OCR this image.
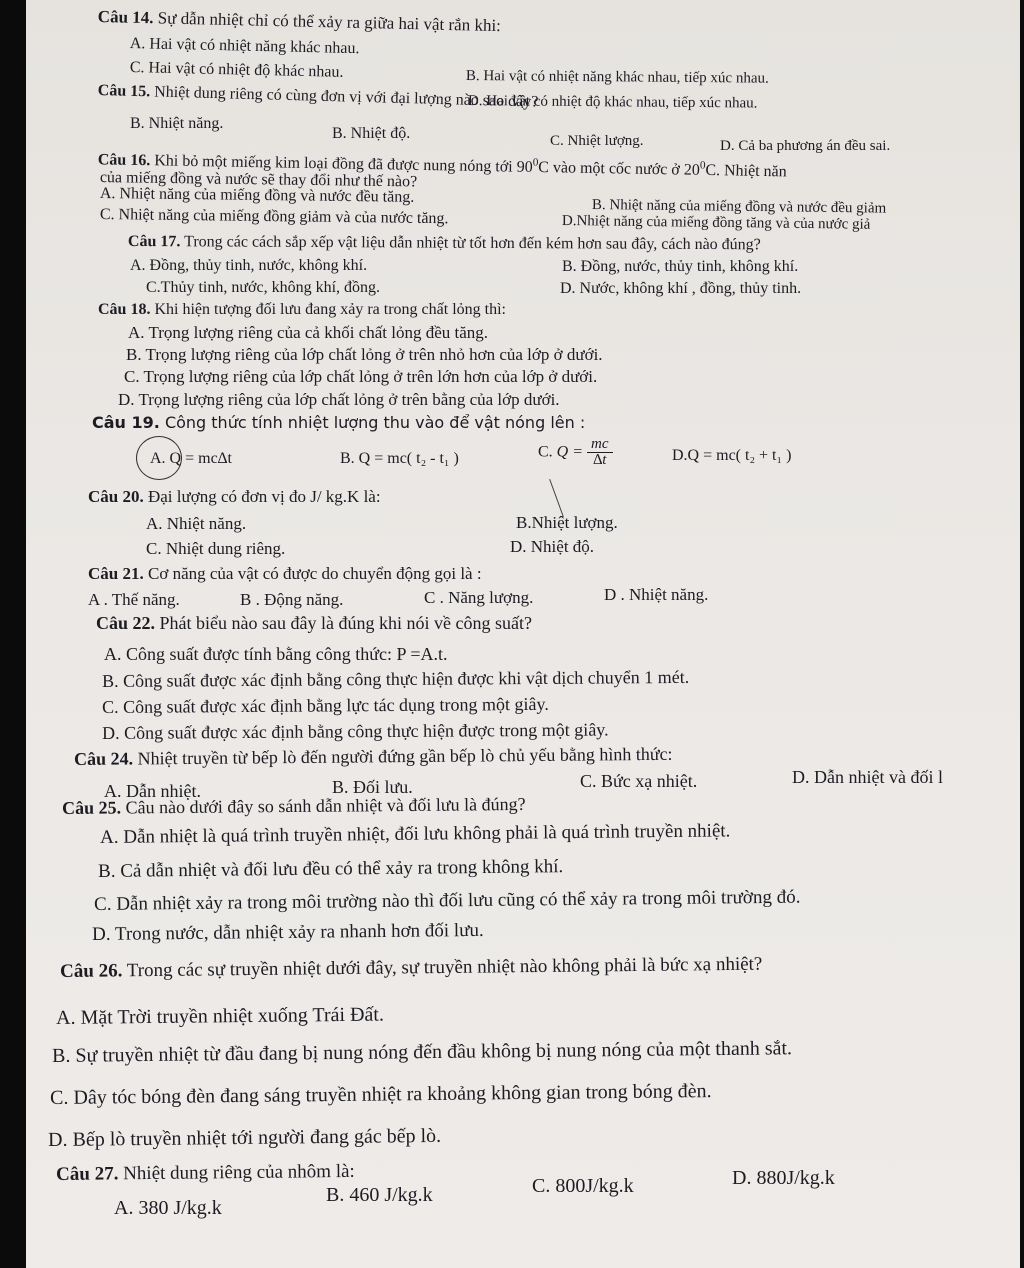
Câu 14. Sự dẫn nhiệt chỉ có thể xảy ra giữa hai vật rắn khi:
A. Hai vật có nhiệt năng khác nhau.
B. Hai vật có nhiệt năng khác nhau, tiếp xúc nhau.
C. Hai vật có nhiệt độ khác nhau.
D. Hai vật có nhiệt độ khác nhau, tiếp xúc nhau.
Câu 15. Nhiệt dung riêng có cùng đơn vị với đại lượng nào sao đây?
B. Nhiệt năng.
B. Nhiệt độ.	C. Nhiệt lượng.	D. Cả ba phương án đều sai.
Câu 16. Khi bỏ một miếng kim loại đồng đã được nung nóng tới $90^0C$ vào một cốc nước ở $20^0C$. Nhiệt năn
của miếng đồng và nước sẽ thay đổi như thế nào?
A. Nhiệt năng của miếng đồng và nước đều tăng.
B. Nhiệt năng của miếng đồng và nước đều giảm
C. Nhiệt năng của miếng đồng giảm và của nước tăng.	D.Nhiệt năng của miếng đồng tăng và của nước giả
Câu 17. Trong các cách sắp xếp vật liệu dẫn nhiệt từ tốt hơn đến kém hơn sau đây, cách nào đúng?
A. Đồng, thủy tinh, nước, không khí.	B. Đồng, nước, thủy tinh, không khí.
C.Thủy tinh, nước, không khí, đồng.	D. Nước, không khí , đồng, thủy tinh.
Câu 18. Khi hiện tượng đối lưu đang xảy ra trong chất lỏng thì:
A. Trọng lượng riêng của cả khối chất lỏng đều tăng.
B. Trọng lượng riêng của lớp chất lỏng ở trên nhỏ hơn của lớp ở dưới.
C. Trọng lượng riêng của lớp chất lỏng ở trên lớn hơn của lớp ở dưới.
D. Trọng lượng riêng của lớp chất lỏng ở trên bằng của lớp dưới.
Câu 19. Công thức tính nhiệt lượng thu vào để vật nóng lên :
A. Q = mc∆t	B. Q = mc( t₂ - t₁ )	C. $Q = \frac{mc}{\Delta t}$	D.Q = mc( t₂ + t₁ )
Câu 20. Đại lượng có đơn vị đo J/ kg.K là:
A. Nhiệt năng.	B.Nhiệt lượng.
C. Nhiệt dung riêng.	D. Nhiệt độ.
Câu 21. Cơ năng của vật có được do chuyển động gọi là :
A . Thế năng.	B . Động năng.	C . Năng lượng.	D . Nhiệt năng.
Câu 22. Phát biểu nào sau đây là đúng khi nói về công suất?
A. Công suất được tính bằng công thức: P =A.t.
B. Công suất được xác định bằng công thực hiện được khi vật dịch chuyển 1 mét.
C. Công suất được xác định bằng lực tác dụng trong một giây.
D. Công suất được xác định bằng công thực hiện được trong một giây.
Câu 24. Nhiệt truyền từ bếp lò đến người đứng gần bếp lò chủ yếu bằng hình thức:
A. Dẫn nhiệt.	B. Đối lưu.	C. Bức xạ nhiệt.	D. Dẫn nhiệt và đối l
Câu 25. Câu nào dưới đây so sánh dẫn nhiệt và đối lưu là đúng?
A. Dẫn nhiệt là quá trình truyền nhiệt, đối lưu không phải là quá trình truyền nhiệt.
B. Cả dẫn nhiệt và đối lưu đều có thể xảy ra trong không khí.
C. Dẫn nhiệt xảy ra trong môi trường nào thì đối lưu cũng có thể xảy ra trong môi trường đó.
D. Trong nước, dẫn nhiệt xảy ra nhanh hơn đối lưu.
Câu 26. Trong các sự truyền nhiệt dưới đây, sự truyền nhiệt nào không phải là bức xạ nhiệt?
A. Mặt Trời truyền nhiệt xuống Trái Đất.
B. Sự truyền nhiệt từ đầu đang bị nung nóng đến đầu không bị nung nóng của một thanh sắt.
C. Dây tóc bóng đèn đang sáng truyền nhiệt ra khoảng không gian trong bóng đèn.
D. Bếp lò truyền nhiệt tới người đang gác bếp lò.
Câu 27. Nhiệt dung riêng của nhôm là:
A. 380 J/kg.k
B. 460 J/kg.k	C. 800J/kg.k	D. 880J/kg.k
